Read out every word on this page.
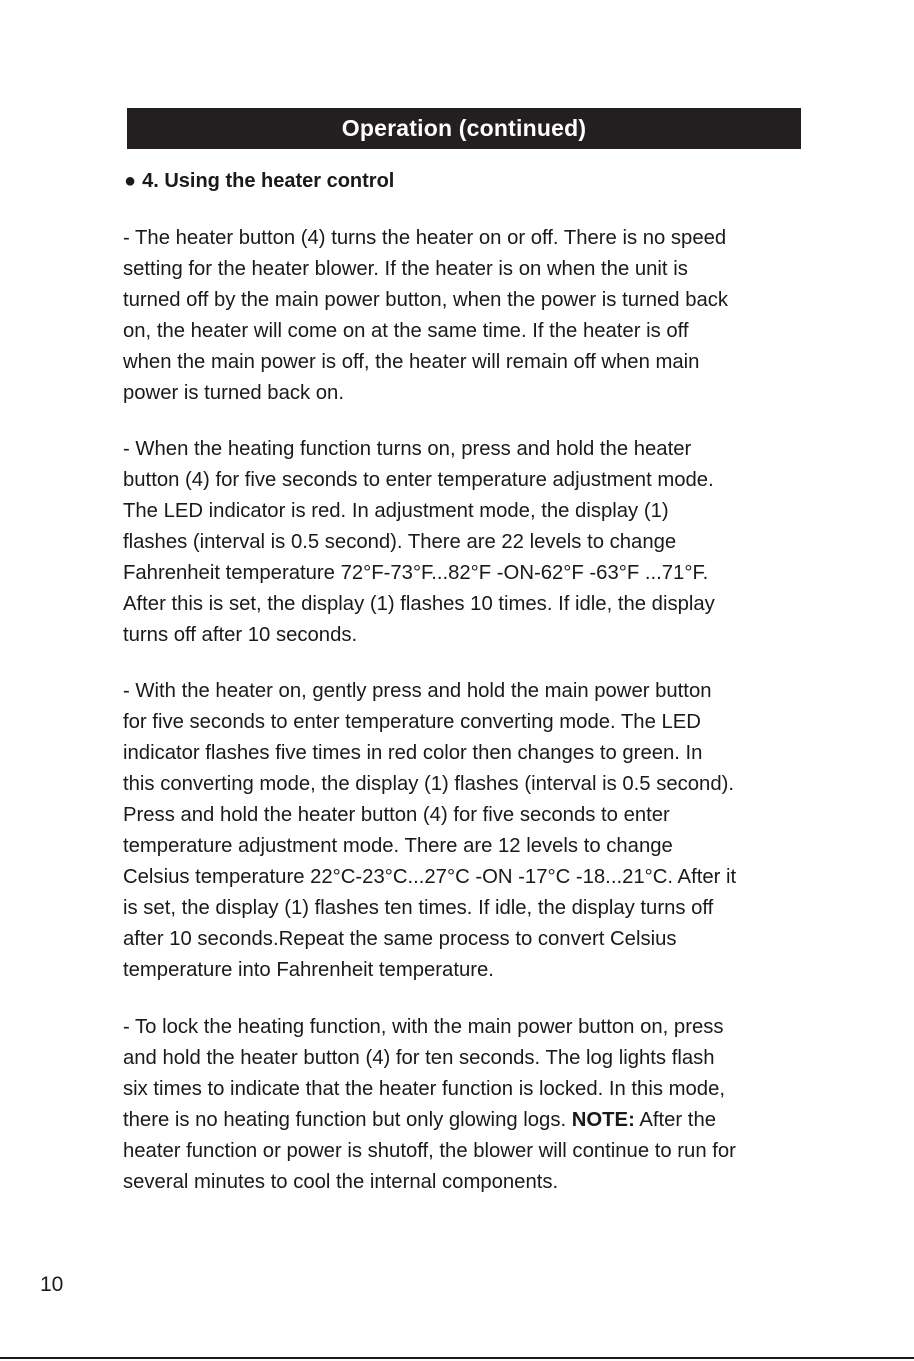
Operation (continued)
● 4. Using the heater control

- The heater button (4) turns the heater on or off. There is no speed
setting for the heater blower. If the heater is on when the unit is
turned off by the main power button, when the power is turned back
on, the heater will come on at the same time. If the heater is off
when the main power is off, the heater will remain off when main
power is turned back on.

- When the heating function turns on, press and hold the heater
button (4) for five seconds to enter temperature adjustment mode.
The LED indicator is red. In adjustment mode, the display (1)
flashes (interval is 0.5 second). There are 22 levels to change
Fahrenheit temperature 72°F-73°F...82°F -ON-62°F -63°F ...71°F.
After this is set, the display (1) flashes 10 times. If idle, the display
turns off after 10 seconds.

- With the heater on, gently press and hold the main power button
for five seconds to enter temperature converting mode. The LED
indicator flashes five times in red color then changes to green. In
this converting mode, the display (1) flashes (interval is 0.5 second).
Press and hold the heater button (4) for five seconds to enter
temperature adjustment mode. There are 12 levels to change
Celsius temperature 22°C-23°C...27°C -ON -17°C -18...21°C. After it
is set, the display (1) flashes ten times. If idle, the display turns off
after 10 seconds.Repeat the same process to convert Celsius
temperature into Fahrenheit temperature.

- To lock the heating function, with the main power button on, press
and hold the heater button (4) for ten seconds. The log lights flash
six times to indicate that the heater function is locked. In this mode,
there is no heating function but only glowing logs. NOTE: After the
heater function or power is shutoff, the blower will continue to run for
several minutes to cool the internal components.

10
